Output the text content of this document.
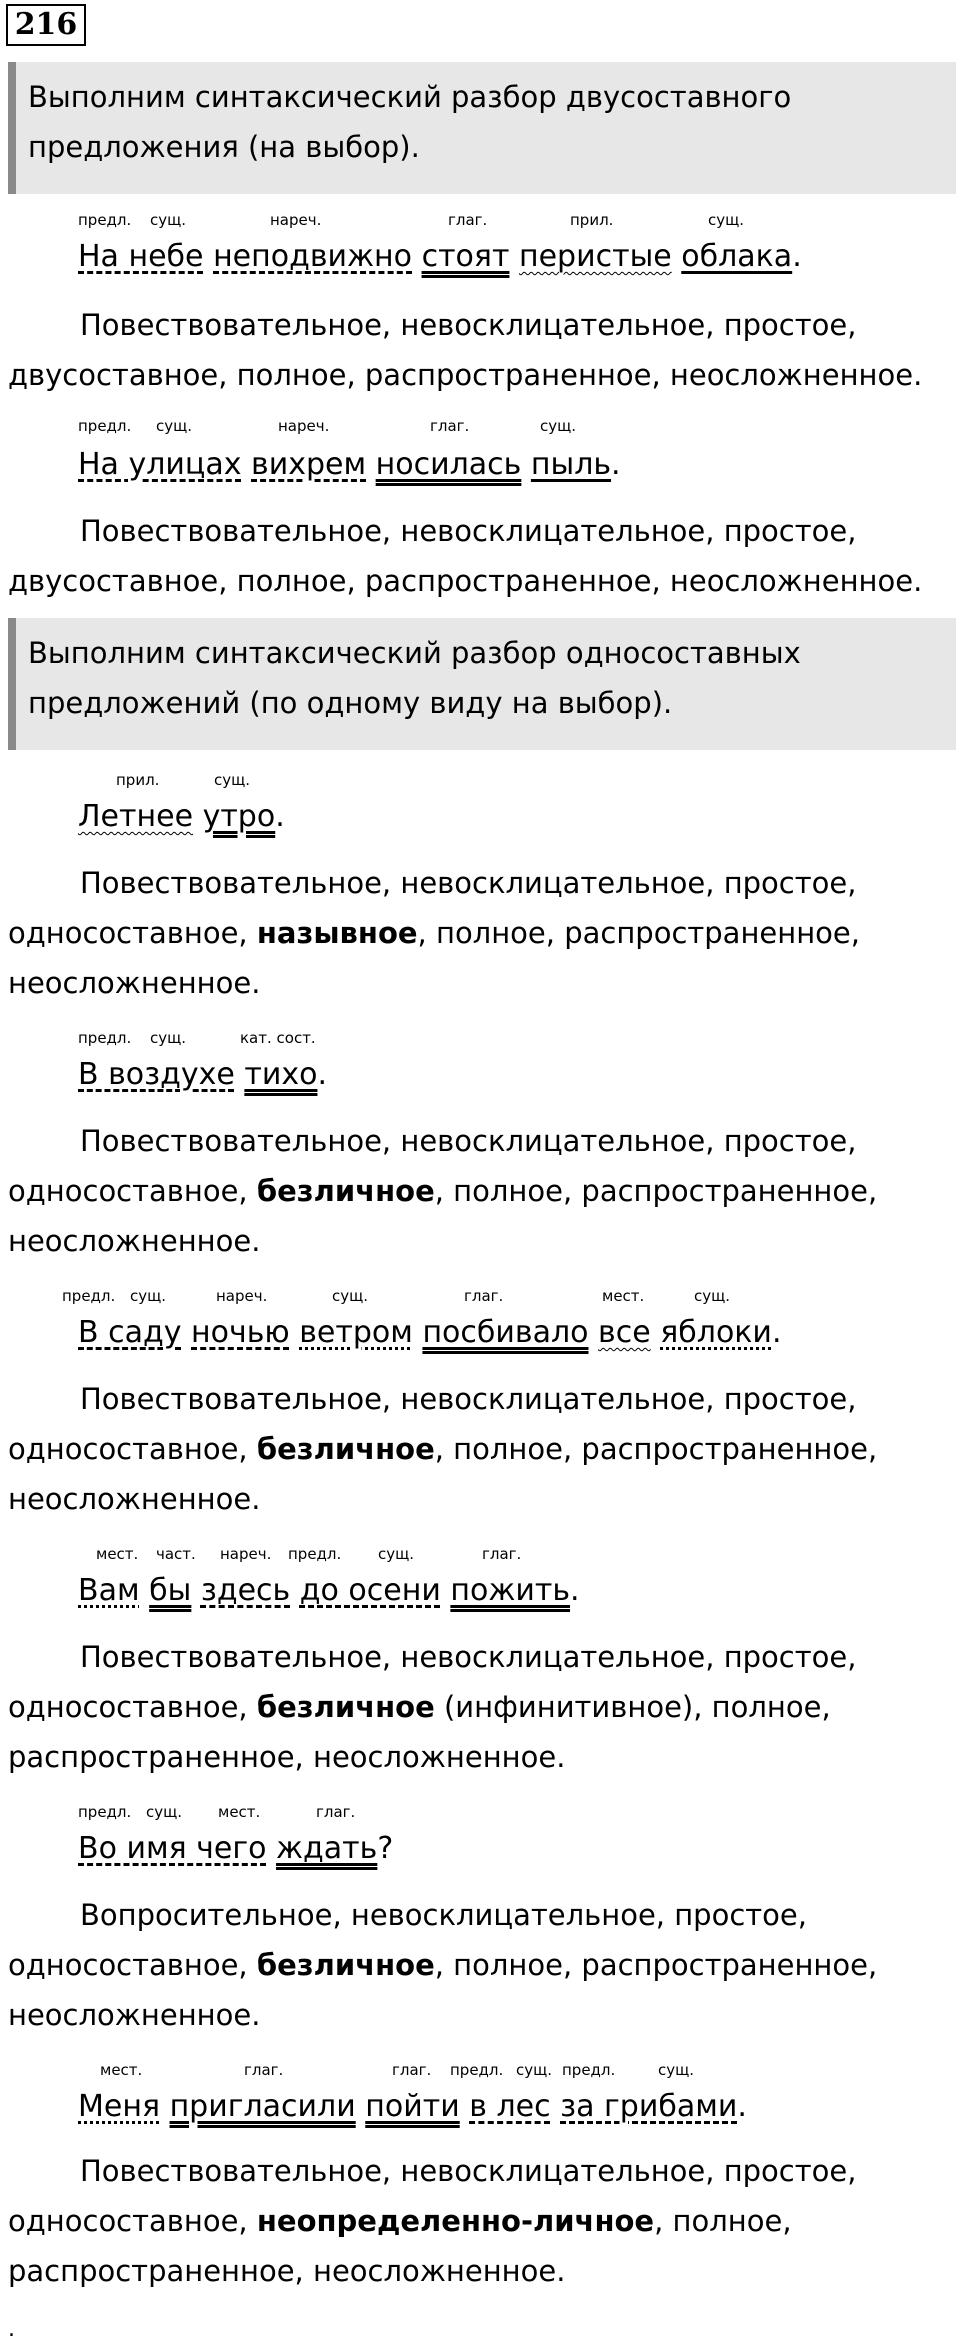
216
Выполним синтаксический разбор двусоставного
предложения (на выбор).
предл. сущ.	нареч.	глаг.	прил.	сущ.
На небе неподвижно стоят перистые облака.
Повествовательное, невосклицательное, простое,
двусоставное, полное, распространенное, неосложненное.
предл. сущ.	нареч.	глаг.	сущ.
На улицах вихрем носилась пыль.
Повествовательное, невосклицательное, простое,
двусоставное, полное, распространенное, неосложненное.
Выполним синтаксический разбор односоставных
предложений (по одному виду на выбор).
прил.	сущ.
Летнее утро.
Повествовательное, невосклицательное, простое,
односоставное, назывное, полное, распространенное,
неосложненное.
предл. сущ.	кат. сост.
В воздухе тихо.
Повествовательное, невосклицательное, простое,
односоставное, безличное, полное, распространенное,
неосложненное.
предл. сущ.	нареч.	сущ.	глаг.	мест.	сущ.
В саду ночью ветром посбивало все яблоки.
Повествовательное, невосклицательное, простое,
односоставное, безличное, полное, распространенное,
неосложненное.
мест. част. нареч. предл. сущ.	глаг.
Вам бы здесь до осени пожить.
Повествовательное, невосклицательное, простое,
односоставное, безличное (инфинитивное), полное,
распространенное, неосложненное.
предл. сущ. мест.	глаг.
Во имя чего ждать?
Вопросительное, невосклицательное, простое,
односоставное, безличное, полное, распространенное,
неосложненное.
мест.	глаг.	глаг. предл. сущ. предл.	сущ.
Меня пригласили пойти в лес за грибами.
Повествовательное, невосклицательное, простое,
односоставное, неопределенно-личное, полное,
распространенное, неосложненное.
.
